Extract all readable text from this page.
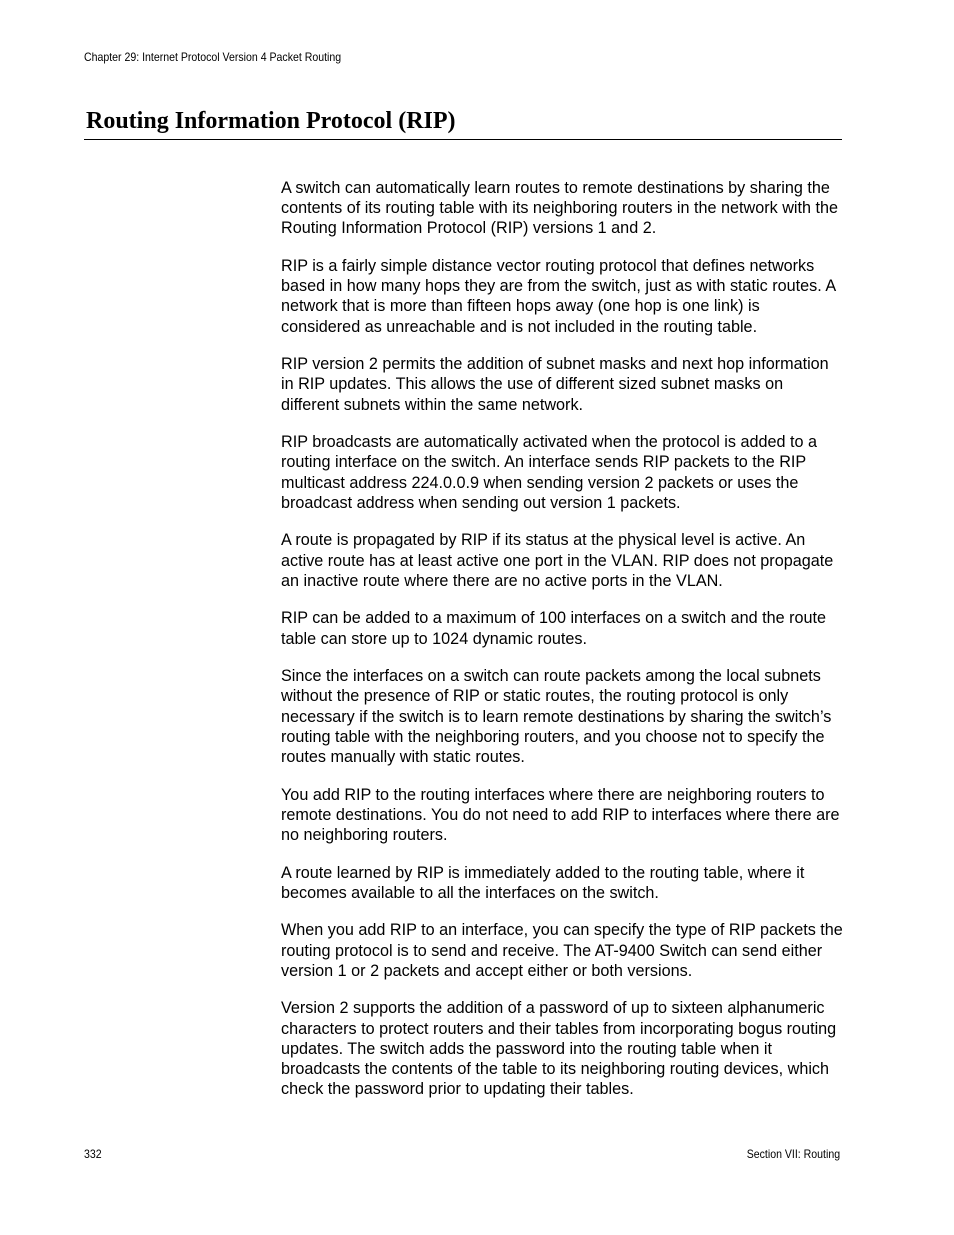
Chapter 29: Internet Protocol Version 4 Packet Routing
Routing Information Protocol (RIP)

A switch can automatically learn routes to remote destinations by sharing the contents of its routing table with its neighboring routers in the network with the Routing Information Protocol (RIP) versions 1 and 2.

RIP is a fairly simple distance vector routing protocol that defines networks based in how many hops they are from the switch, just as with static routes. A network that is more than fifteen hops away (one hop is one link) is considered as unreachable and is not included in the routing table.

RIP version 2 permits the addition of subnet masks and next hop information in RIP updates. This allows the use of different sized subnet masks on different subnets within the same network.

RIP broadcasts are automatically activated when the protocol is added to a routing interface on the switch. An interface sends RIP packets to the RIP multicast address 224.0.0.9 when sending version 2 packets or uses the broadcast address when sending out version 1 packets.

A route is propagated by RIP if its status at the physical level is active. An active route has at least active one port in the VLAN. RIP does not propagate an inactive route where there are no active ports in the VLAN.

RIP can be added to a maximum of 100 interfaces on a switch and the route table can store up to 1024 dynamic routes.

Since the interfaces on a switch can route packets among the local subnets without the presence of RIP or static routes, the routing protocol is only necessary if the switch is to learn remote destinations by sharing the switch’s routing table with the neighboring routers, and you choose not to specify the routes manually with static routes.

You add RIP to the routing interfaces where there are neighboring routers to remote destinations. You do not need to add RIP to interfaces where there are no neighboring routers.

A route learned by RIP is immediately added to the routing table, where it becomes available to all the interfaces on the switch.

When you add RIP to an interface, you can specify the type of RIP packets the routing protocol is to send and receive. The AT-9400 Switch can send either version 1 or 2 packets and accept either or both versions.

Version 2 supports the addition of a password of up to sixteen alphanumeric characters to protect routers and their tables from incorporating bogus routing updates. The switch adds the password into the routing table when it broadcasts the contents of the table to its neighboring routing devices, which check the password prior to updating their tables.

332	Section VII: Routing
